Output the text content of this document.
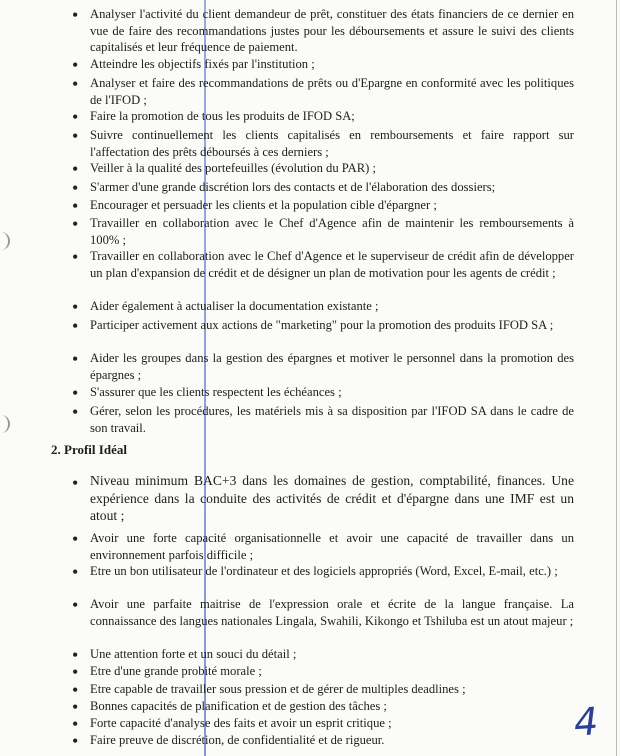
• Analyser l'activité du client demandeur de prêt, constituer des états financiers de ce dernier en vue de faire des recommandations justes pour les déboursements et assure le suivi des clients capitalisés et leur fréquence de paiement.
• Atteindre les objectifs fixés par l'institution ;
• Analyser et faire des recommandations de prêts ou d'Epargne en conformité avec les politiques de l'IFOD ;
• Faire la promotion de tous les produits de IFOD SA;
• Suivre continuellement les clients capitalisés en remboursements et faire rapport sur l'affectation des prêts déboursés à ces derniers ;
• Veiller à la qualité des portefeuilles (évolution du PAR) ;
• S'armer d'une grande discrétion lors des contacts et de l'élaboration des dossiers;
• Encourager et persuader les clients et la population cible d'épargner ;
• Travailler en collaboration avec le Chef d'Agence afin de maintenir les remboursements à 100% ;
• Travailler en collaboration avec le Chef d'Agence et le superviseur de crédit afin de développer un plan d'expansion de crédit et de désigner un plan de motivation pour les agents de crédit ;
• Aider également à actualiser la documentation existante ;
• Participer activement aux actions de "marketing" pour la promotion des produits IFOD SA ;
• Aider les groupes dans la gestion des épargnes et motiver le personnel dans la promotion des épargnes ;
• S'assurer que les clients respectent les échéances ;
• Gérer, selon les procédures, les matériels mis à sa disposition par l'IFOD SA dans le cadre de son travail.
2. Profil Idéal
• Niveau minimum BAC+3 dans les domaines de gestion, comptabilité, finances. Une expérience dans la conduite des activités de crédit et d'épargne dans une IMF est un atout ;
• Avoir une forte capacité organisationnelle et avoir une capacité de travailler dans un environnement parfois difficile ;
• Etre un bon utilisateur de l'ordinateur et des logiciels appropriés (Word, Excel, E-mail, etc.) ;
• Avoir une parfaite maitrise de l'expression orale et écrite de la langue française. La connaissance des langues nationales Lingala, Swahili, Kikongo et Tshiluba est un atout majeur ;
• Une attention forte et un souci du détail ;
• Etre d'une grande probité morale ;
• Etre capable de travailler sous pression et de gérer de multiples deadlines ;
• Bonnes capacités de planification et de gestion des tâches ;
• Forte capacité d'analyse des faits et avoir un esprit critique ;
• Faire preuve de discrétion, de confidentialité et de rigueur.	4
